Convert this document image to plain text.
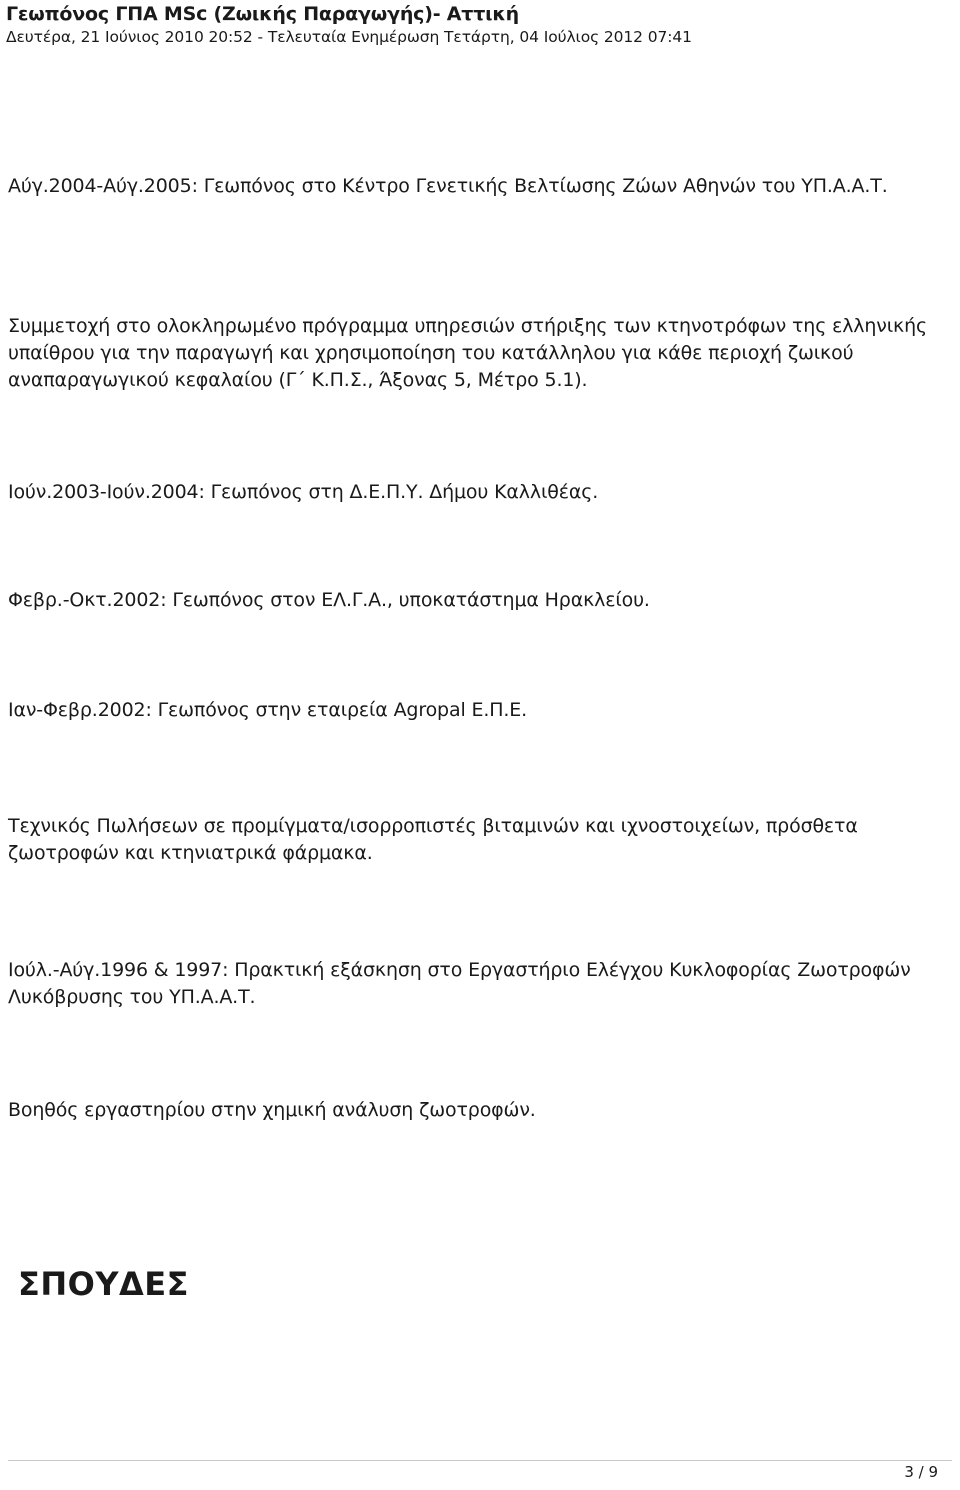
Γεωπόνος ΓΠΑ MSc (Ζωικής Παραγωγής)- Αττική
Δευτέρα, 21 Ιούνιος 2010 20:52 - Τελευταία Ενημέρωση Τετάρτη, 04 Ιούλιος 2012 07:41

Αύγ.2004-Αύγ.2005: Γεωπόνος στο Κέντρο Γενετικής Βελτίωσης Ζώων Αθηνών του ΥΠ.Α.Α.Τ.

Συμμετοχή στο ολοκληρωμένο πρόγραμμα υπηρεσιών στήριξης των κτηνοτρόφων της ελληνικής υπαίθρου για την παραγωγή και χρησιμοποίηση του κατάλληλου για κάθε περιοχή ζωικού αναπαραγωγικού κεφαλαίου (Γ΄ Κ.Π.Σ., Άξονας 5, Μέτρο 5.1).

Ιούν.2003-Ιούν.2004: Γεωπόνος στη Δ.Ε.Π.Υ. Δήμου Καλλιθέας.

Φεβρ.-Οκτ.2002: Γεωπόνος στον ΕΛ.Γ.Α., υποκατάστημα Ηρακλείου.

Ιαν-Φεβρ.2002: Γεωπόνος στην εταιρεία Agropal Ε.Π.Ε.

Τεχνικός Πωλήσεων σε προμίγματα/ισορροπιστές βιταμινών και ιχνοστοιχείων, πρόσθετα ζωοτροφών και κτηνιατρικά φάρμακα.

Ιούλ.-Αύγ.1996 & 1997: Πρακτική εξάσκηση στο Εργαστήριο Ελέγχου Κυκλοφορίας Ζωοτροφών Λυκόβρυσης του ΥΠ.Α.Α.Τ.

Βοηθός εργαστηρίου στην χημική ανάλυση ζωοτροφών.

ΣΠΟΥΔΕΣ
3 / 9
